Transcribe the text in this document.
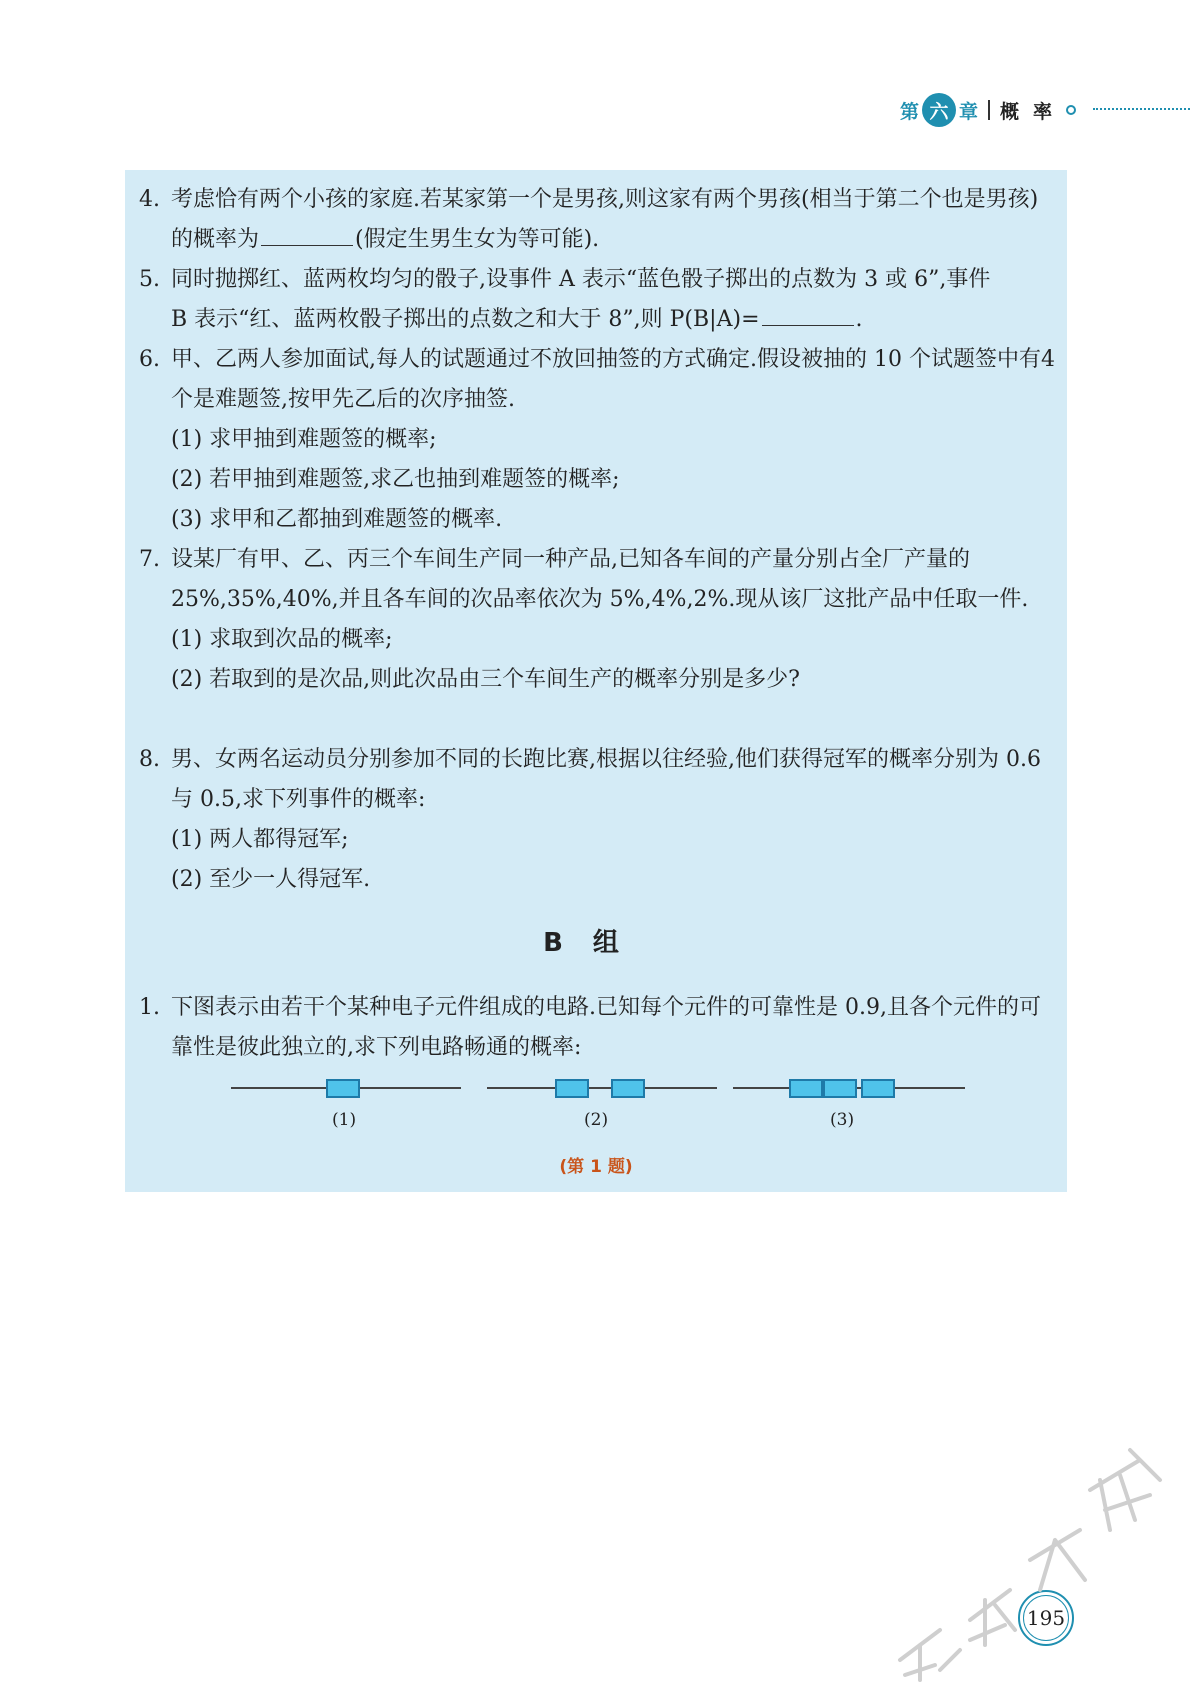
第 六 章 概率
4. 考虑恰有两个小孩的家庭.若某家第一个是男孩,则这家有两个男孩(相当于第二个也是男孩)的概率为	(假定生男生女为等可能).
5. 同时抛掷红、蓝两枚均匀的骰子,设事件 A 表示“蓝色骰子掷出的点数为 3 或 6”,事件
B 表示“红、蓝两枚骰子掷出的点数之和大于 8”,则 P(B|A)=	.
6. 甲、乙两人参加面试,每人的试题通过不放回抽签的方式确定.假设被抽的 10 个试题签中有4 个是难题签,按甲先乙后的次序抽签.
(1) 求甲抽到难题签的概率;
(2) 若甲抽到难题签,求乙也抽到难题签的概率;
(3) 求甲和乙都抽到难题签的概率.
7. 设某厂有甲、乙、丙三个车间生产同一种产品,已知各车间的产量分别占全厂产量的25%,35%,40%,并且各车间的次品率依次为 5%,4%,2%.现从该厂这批产品中任取一件.
(1) 求取到次品的概率;
(2) 若取到的是次品,则此次品由三个车间生产的概率分别是多少?
8. 男、女两名运动员分别参加不同的长跑比赛,根据以往经验,他们获得冠军的概率分别为 0.6 与 0.5,求下列事件的概率:
(1) 两人都得冠军;
(2) 至少一人得冠军.
B组
1. 下图表示由若干个某种电子元件组成的电路.已知每个元件的可靠性是 0.9,且各个元件的可靠性是彼此独立的,求下列电路畅通的概率:
(1)	(2)	(3)
(第 1 题)
195
